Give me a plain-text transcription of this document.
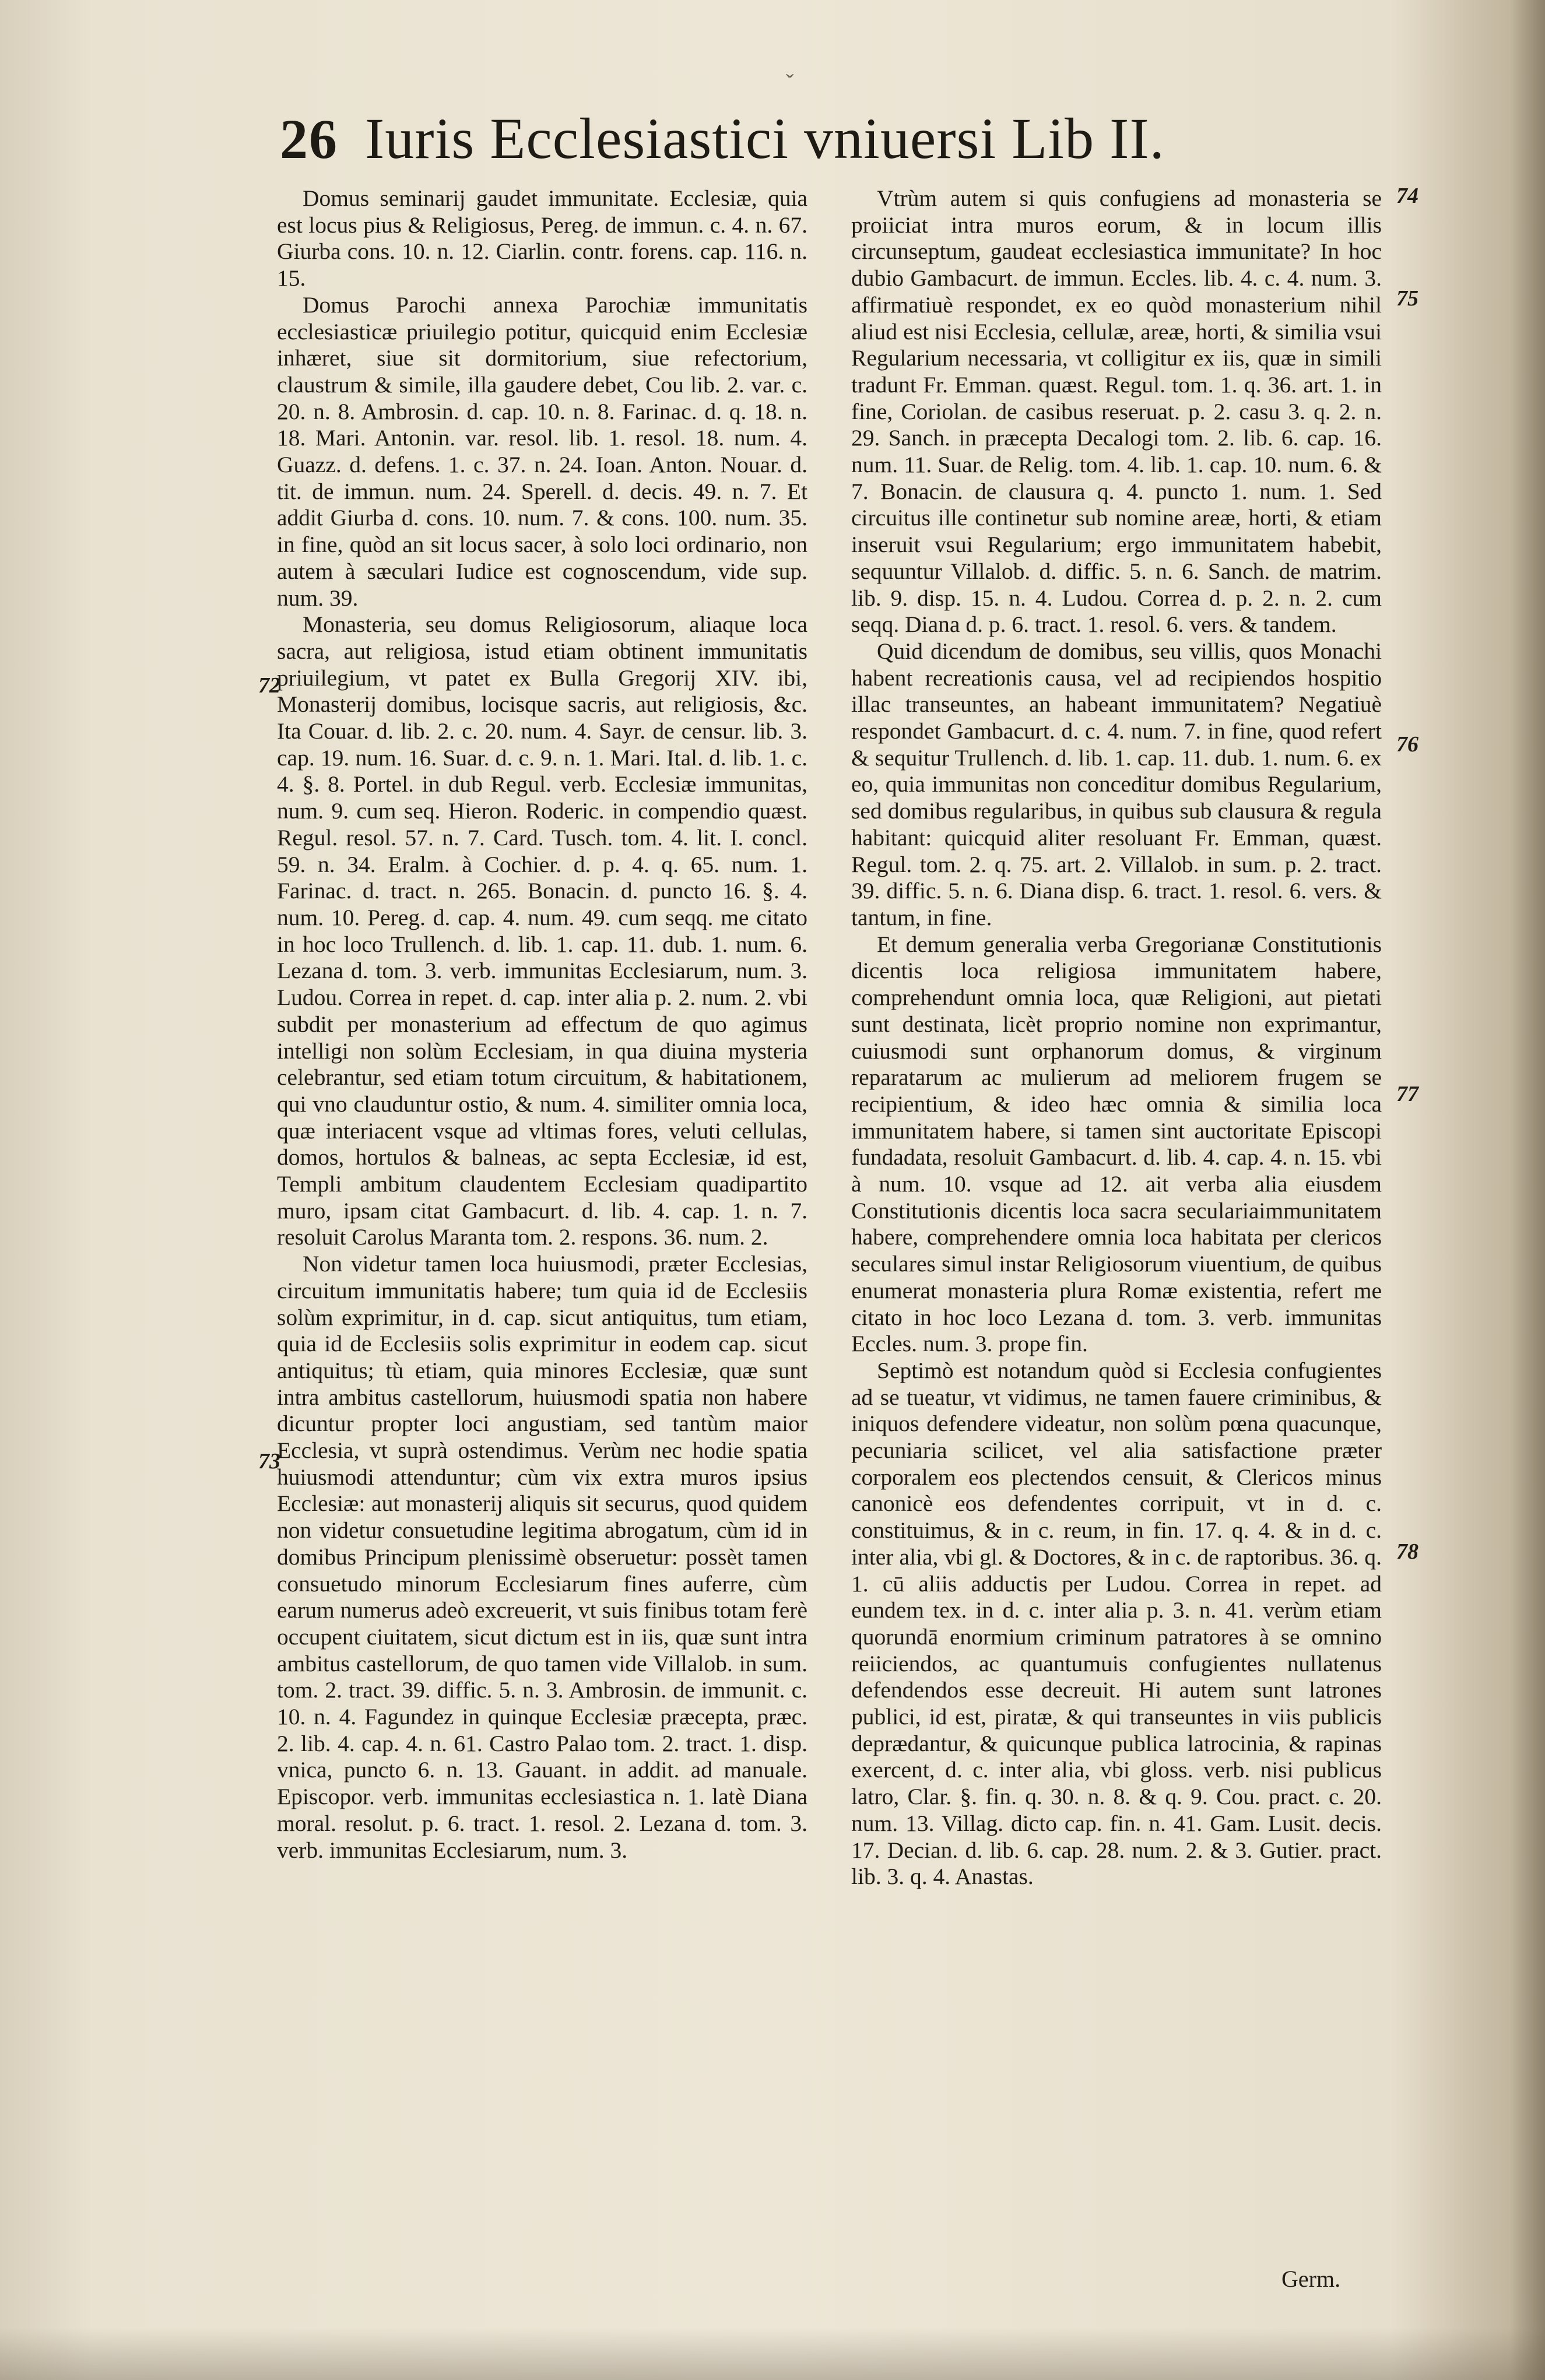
ˇ
26 Iuris Ecclesiastici vniuersi Lib II.

Domus seminarij gaudet immunitate. Ecclesiæ, quia est locus pius & Religiosus, Pereg. de immun. c. 4. n. 67. Giurba cons. 10. n. 12. Ciarlin. contr. forens. cap. 116. n. 15.

Domus Parochi annexa Parochiæ immunitatis ecclesiasticæ priuilegio potitur, quicquid enim Ecclesiæ inhæret, siue sit dormitorium, siue refectorium, claustrum & simile, illa gaudere debet, Cou lib. 2. var. c. 20. n. 8. Ambrosin. d. cap. 10. n. 8. Farinac. d. q. 18. n. 18. Mari. Antonin. var. resol. lib. 1. resol. 18. num. 4. Guazz. d. defens. 1. c. 37. n. 24. Ioan. Anton. Nouar. d. tit. de immun. num. 24. Sperell. d. decis. 49. n. 7. Et addit Giurba d. cons. 10. num. 7. & cons. 100. num. 35. in fine, quòd an sit locus sacer, à solo loci ordinario, non autem à sæculari Iudice est cognoscendum, vide sup. num. 39.

Monasteria, seu domus Religiosorum, aliaque loca sacra, aut religiosa, istud etiam obtinent immunitatis priuilegium, vt patet ex Bulla Gregorij XIV. ibi, Monasterij domibus, locisque sacris, aut religiosis, &c. Ita Couar. d. lib. 2. c. 20. num. 4. Sayr. de censur. lib. 3. cap. 19. num. 16. Suar. d. c. 9. n. 1. Mari. Ital. d. lib. 1. c. 4. §. 8. Portel. in dub Regul. verb. Ecclesiæ immunitas, num. 9. cum seq. Hieron. Roderic. in compendio quæst. Regul. resol. 57. n. 7. Card. Tusch. tom. 4. lit. I. concl. 59. n. 34. Eralm. à Cochier. d. p. 4. q. 65. num. 1. Farinac. d. tract. n. 265. Bonacin. d. puncto 16. §. 4. num. 10. Pereg. d. cap. 4. num. 49. cum seqq. me citato in hoc loco Trullench. d. lib. 1. cap. 11. dub. 1. num. 6. Lezana d. tom. 3. verb. immunitas Ecclesiarum, num. 3. Ludou. Correa in repet. d. cap. inter alia p. 2. num. 2. vbi subdit per monasterium ad effectum de quo agimus intelligi non solùm Ecclesiam, in qua diuina mysteria celebrantur, sed etiam totum circuitum, & habitationem, qui vno clauduntur ostio, & num. 4. similiter omnia loca, quæ interiacent vsque ad vltimas fores, veluti cellulas, domos, hortulos & balneas, ac septa Ecclesiæ, id est, Templi ambitum claudentem Ecclesiam quadipartito muro, ipsam citat Gambacurt. d. lib. 4. cap. 1. n. 7. resoluit Carolus Maranta tom. 2. respons. 36. num. 2.

Non videtur tamen loca huiusmodi, præter Ecclesias, circuitum immunitatis habere; tum quia id de Ecclesiis solùm exprimitur, in d. cap. sicut antiquitus, tum etiam, quia id de Ecclesiis solis exprimitur in eodem cap. sicut antiquitus; tù etiam, quia minores Ecclesiæ, quæ sunt intra ambitus castellorum, huiusmodi spatia non habere dicuntur propter loci angustiam, sed tantùm maior Ecclesia, vt suprà ostendimus. Verùm nec hodie spatia huiusmodi attenduntur; cùm vix extra muros ipsius Ecclesiæ: aut monasterij aliquis sit securus, quod quidem non videtur consuetudine legitima abrogatum, cùm id in domibus Principum plenissimè obseruetur: possèt tamen consuetudo minorum Ecclesiarum fines auferre, cùm earum numerus adeò excreuerit, vt suis finibus totam ferè occupent ciuitatem, sicut dictum est in iis, quæ sunt intra ambitus castellorum, de quo tamen vide Villalob. in sum. tom. 2. tract. 39. diffic. 5. n. 3. Ambrosin. de immunit. c. 10. n. 4. Fagundez in quinque Ecclesiæ præcepta, præc. 2. lib. 4. cap. 4. n. 61. Castro Palao tom. 2. tract. 1. disp. vnica, puncto 6. n. 13. Gauant. in addit. ad manuale. Episcopor. verb. immunitas ecclesiastica n. 1. latè Diana moral. resolut. p. 6. tract. 1. resol. 2. Lezana d. tom. 3. verb. immunitas Ecclesiarum, num. 3.

72
73

Vtrùm autem si quis confugiens ad monasteria se proiiciat intra muros eorum, & in locum illis circunseptum, gaudeat ecclesiastica immunitate? In hoc dubio Gambacurt. de immun. Eccles. lib. 4. c. 4. num. 3. affirmatiuè respondet, ex eo quòd monasterium nihil aliud est nisi Ecclesia, cellulæ, areæ, horti, & similia vsui Regularium necessaria, vt colligitur ex iis, quæ in simili tradunt Fr. Emman. quæst. Regul. tom. 1. q. 36. art. 1. in fine, Coriolan. de casibus reseruat. p. 2. casu 3. q. 2. n. 29. Sanch. in præcepta Decalogi tom. 2. lib. 6. cap. 16. num. 11. Suar. de Relig. tom. 4. lib. 1. cap. 10. num. 6. & 7. Bonacin. de clausura q. 4. puncto 1. num. 1. Sed circuitus ille continetur sub nomine areæ, horti, & etiam inseruit vsui Regularium; ergo immunitatem habebit, sequuntur Villalob. d. diffic. 5. n. 6. Sanch. de matrim. lib. 9. disp. 15. n. 4. Ludou. Correa d. p. 2. n. 2. cum seqq. Diana d. p. 6. tract. 1. resol. 6. vers. & tandem.

Quid dicendum de domibus, seu villis, quos Monachi habent recreationis causa, vel ad recipiendos hospitio illac transeuntes, an habeant immunitatem? Negatiuè respondet Gambacurt. d. c. 4. num. 7. in fine, quod refert & sequitur Trullench. d. lib. 1. cap. 11. dub. 1. num. 6. ex eo, quia immunitas non conceditur domibus Regularium, sed domibus regularibus, in quibus sub clausura & regula habitant: quicquid aliter resoluant Fr. Emman, quæst. Regul. tom. 2. q. 75. art. 2. Villalob. in sum. p. 2. tract. 39. diffic. 5. n. 6. Diana disp. 6. tract. 1. resol. 6. vers. & tantum, in fine.

Et demum generalia verba Gregorianæ Constitutionis dicentis loca religiosa immunitatem habere, comprehendunt omnia loca, quæ Religioni, aut pietati sunt destinata, licèt proprio nomine non exprimantur, cuiusmodi sunt orphanorum domus, & virginum reparatarum ac mulierum ad meliorem frugem se recipientium, & ideo hæc omnia & similia loca immunitatem habere, si tamen sint auctoritate Episcopi fundadata, resoluit Gambacurt. d. lib. 4. cap. 4. n. 15. vbi à num. 10. vsque ad 12. ait verba alia eiusdem Constitutionis dicentis loca sacra seculariaimmunitatem habere, comprehendere omnia loca habitata per clericos seculares simul instar Religiosorum viuentium, de quibus enumerat monasteria plura Romæ existentia, refert me citato in hoc loco Lezana d. tom. 3. verb. immunitas Eccles. num. 3. prope fin.

Septimò est notandum quòd si Ecclesia confugientes ad se tueatur, vt vidimus, ne tamen fauere criminibus, & iniquos defendere videatur, non solùm pœna quacunque, pecuniaria scilicet, vel alia satisfactione præter corporalem eos plectendos censuit, & Clericos minus canonicè eos defendentes corripuit, vt in d. c. constituimus, & in c. reum, in fin. 17. q. 4. & in d. c. inter alia, vbi gl. & Doctores, & in c. de raptoribus. 36. q. 1. cū aliis adductis per Ludou. Correa in repet. ad eundem tex. in d. c. inter alia p. 3. n. 41. verùm etiam quorundā enormium criminum patratores à se omnino reiiciendos, ac quantumuis confugientes nullatenus defendendos esse decreuit. Hi autem sunt latrones publici, id est, piratæ, & qui transeuntes in viis publicis deprædantur, & quicunque publica latrocinia, & rapinas exercent, d. c. inter alia, vbi gloss. verb. nisi publicus latro, Clar. §. fin. q. 30. n. 8. & q. 9. Cou. pract. c. 20. num. 13. Villag. dicto cap. fin. n. 41. Gam. Lusit. decis. 17. Decian. d. lib. 6. cap. 28. num. 2. & 3. Gutier. pract. lib. 3. q. 4. Anastas.

74
75
76
77
78
Germ.
